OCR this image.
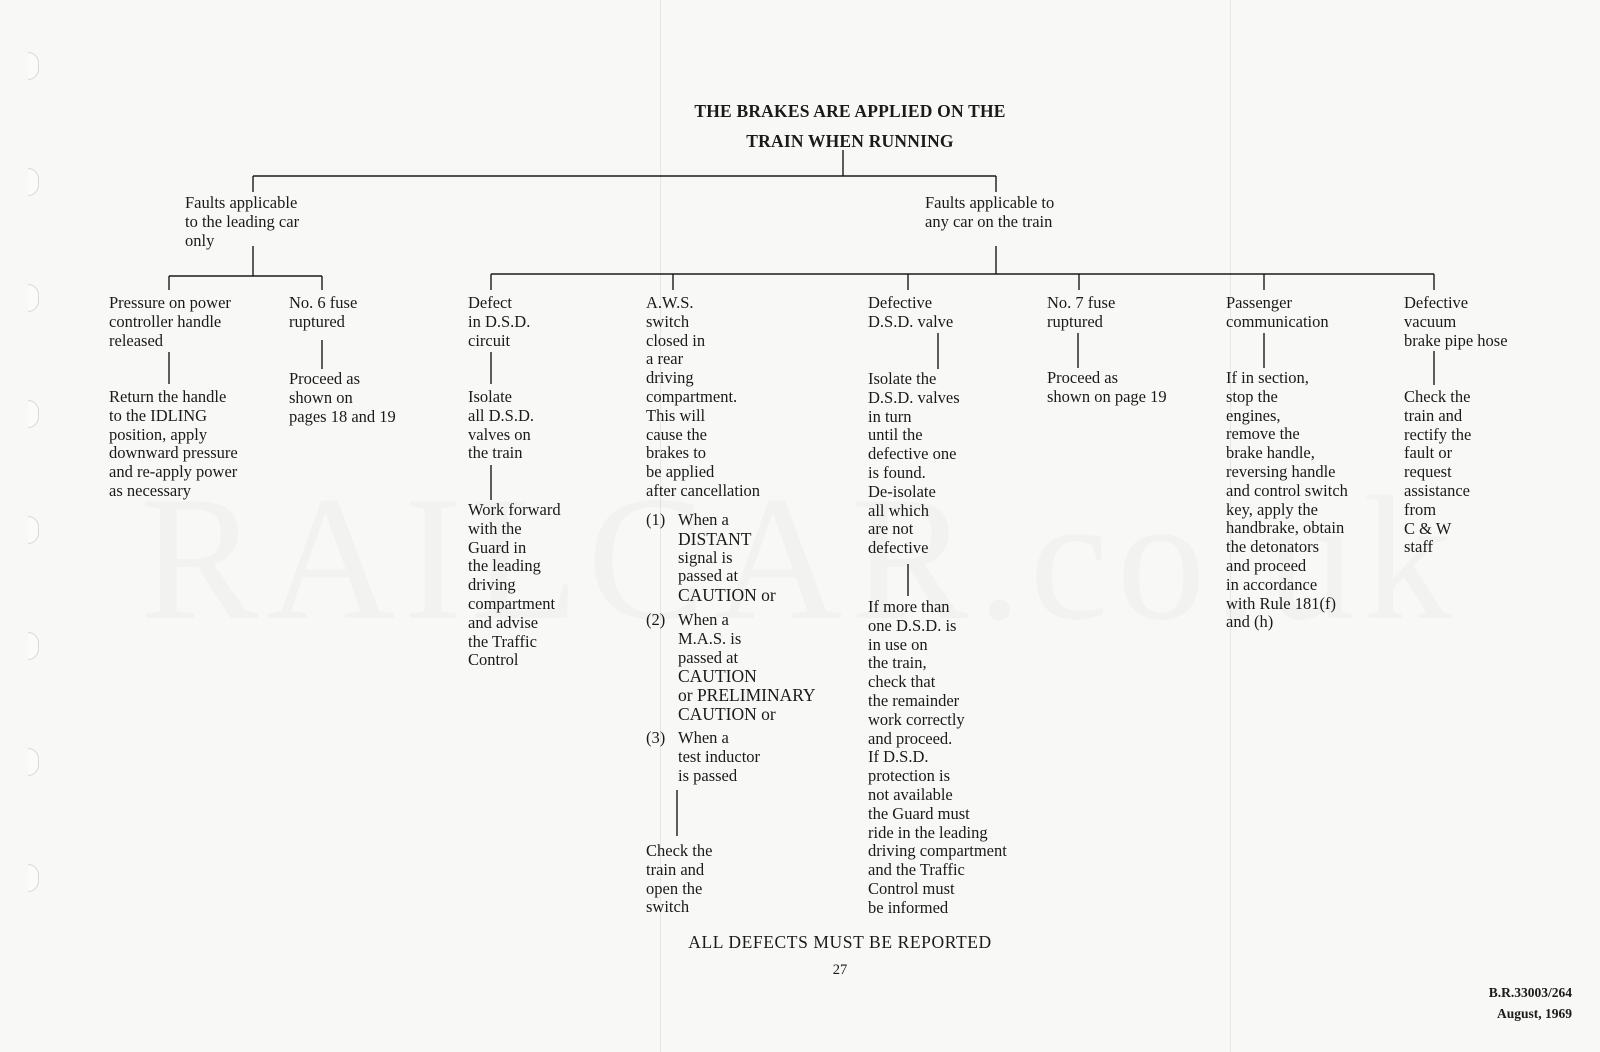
THE BRAKES ARE APPLIED ON THE
TRAIN WHEN RUNNING
Faults applicable
to the leading car
only
Faults applicable to
any car on the train
Pressure on power
controller handle
released
Return the handle
to the IDLING
position, apply
downward pressure
and re-apply power
as necessary
No. 6 fuse
ruptured
Proceed as
shown on
pages 18 and 19
Defect
in D.S.D.
circuit
Isolate
all D.S.D.
valves on
the train
Work forward
with the
Guard in
the leading
driving
compartment
and advise
the Traffic
Control
A.W.S.
switch
closed in
a rear
driving
compartment.
This will
cause the
brakes to
be applied
after cancellation
(1) When a
DISTANT
signal is
passed at
CAUTION or
(2) When a
M.A.S. is
passed at
CAUTION
or PRELIMINARY
CAUTION or
(3) When a
test inductor
is passed
Check the
train and
open the
switch
Defective
D.S.D. valve
Isolate the
D.S.D. valves
in turn
until the
defective one
is found.
De-isolate
all which
are not
defective
If more than
one D.S.D. is
in use on
the train,
check that
the remainder
work correctly
and proceed.
If D.S.D.
protection is
not available
the Guard must
ride in the leading
driving compartment
and the Traffic
Control must
be informed
No. 7 fuse
ruptured
Proceed as
shown on page 19
Passenger
communication
If in section,
stop the
engines,
remove the
brake handle,
reversing handle
and control switch
key, apply the
handbrake, obtain
the detonators
and proceed
in accordance
with Rule 181(f)
and (h)
Defective
vacuum
brake pipe hose
Check the
train and
rectify the
fault or
request
assistance
from
C & W
staff
ALL DEFECTS MUST BE REPORTED
27
B.R.33003/264
August, 1969
